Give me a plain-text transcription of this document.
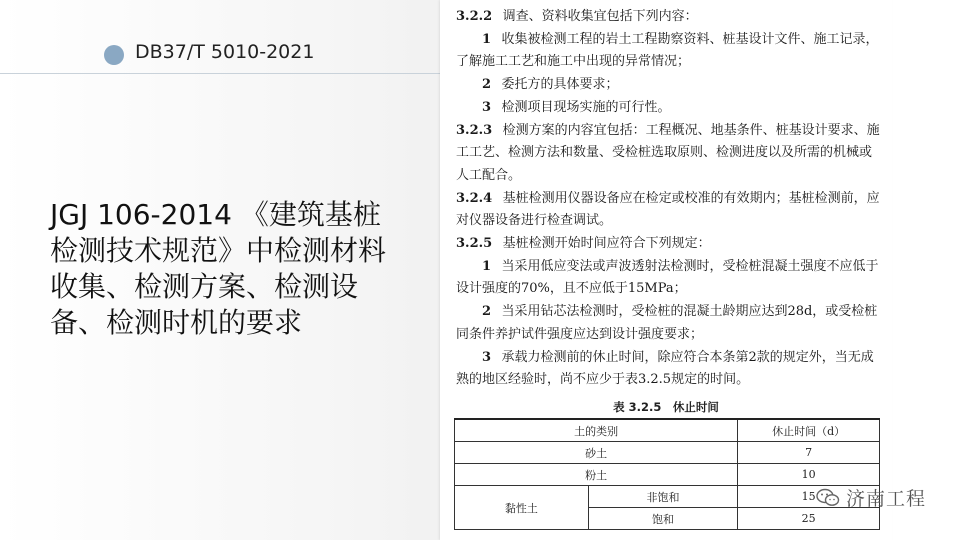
DB37/T 5010-2021
JGJ 106-2014 《建筑基桩检测技术规范》中检测材料收集、检测方案、检测设备、检测时机的要求

3.2.2 调查、资料收集宜包括下列内容：

1 收集被检测工程的岩土工程勘察资料、桩基设计文件、施工记录，了解施工工艺和施工中出现的异常情况；

2 委托方的具体要求；

3 检测项目现场实施的可行性。

3.2.3 检测方案的内容宜包括：工程概况、地基条件、桩基设计要求、施工工艺、检测方法和数量、受检桩选取原则、检测进度以及所需的机械或人工配合。

3.2.4 基桩检测用仪器设备应在检定或校准的有效期内；基桩检测前，应对仪器设备进行检查调试。

3.2.5 基桩检测开始时间应符合下列规定：

1 当采用低应变法或声波透射法检测时，受检桩混凝土强度不应低于设计强度的70%，且不应低于15MPa；

2 当采用钻芯法检测时，受检桩的混凝土龄期应达到28d，或受检桩同条件养护试件强度应达到设计强度要求；

3 承载力检测前的休止时间，除应符合本条第2款的规定外，当无成熟的地区经验时，尚不应少于表3.2.5规定的时间。

表 3.2.5　休止时间
土的类别		休止时间（d）
砂土		7
粉土		10
黏性土	非饱和	15
	饱和	25
济南工程
